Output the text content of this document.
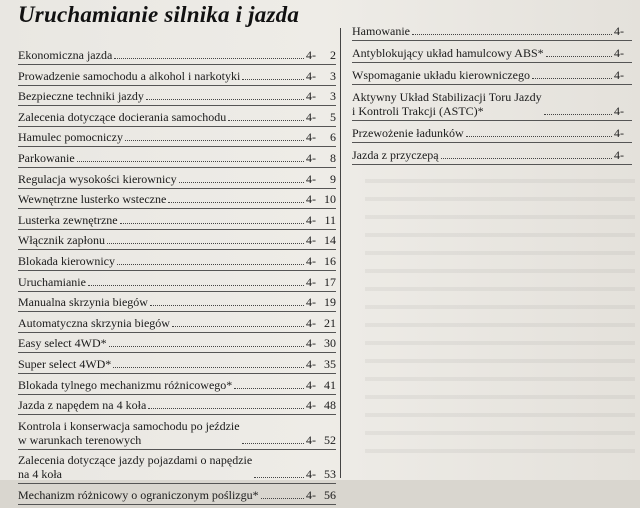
Uruchamianie silnika i jazda
Ekonomiczna jazda	4- 2
Prowadzenie samochodu a alkohol i narkotyki	4- 3
Bezpieczne techniki jazdy	4- 3
Zalecenia dotyczące docierania samochodu	4- 5
Hamulec pomocniczy	4- 6
Parkowanie	4- 8
Regulacja wysokości kierownicy	4- 9
Wewnętrzne lusterko wsteczne	4- 10
Lusterka zewnętrzne	4- 11
Włącznik zapłonu	4- 14
Blokada kierownicy	4- 16
Uruchamianie	4- 17
Manualna skrzynia biegów	4- 19
Automatyczna skrzynia biegów	4- 21
Easy select 4WD*	4- 30
Super select 4WD*	4- 35
Blokada tylnego mechanizmu różnicowego*	4- 41
Jazda z napędem na 4 koła	4- 48
Kontrola i konserwacja samochodu po jeździe
w warunkach terenowych	4- 52
Zalecenia dotyczące jazdy pojazdami o napędzie
na 4 koła	4- 53
Mechanizm różnicowy o ograniczonym poślizgu*	4- 56
Hamowanie	4-
Antyblokujący układ hamulcowy ABS*	4-
Wspomaganie układu kierowniczego	4-
Aktywny Układ Stabilizacji Toru Jazdy
i Kontroli Trakcji (ASTC)*	4-
Przewożenie ładunków	4-
Jazda z przyczepą	4-
